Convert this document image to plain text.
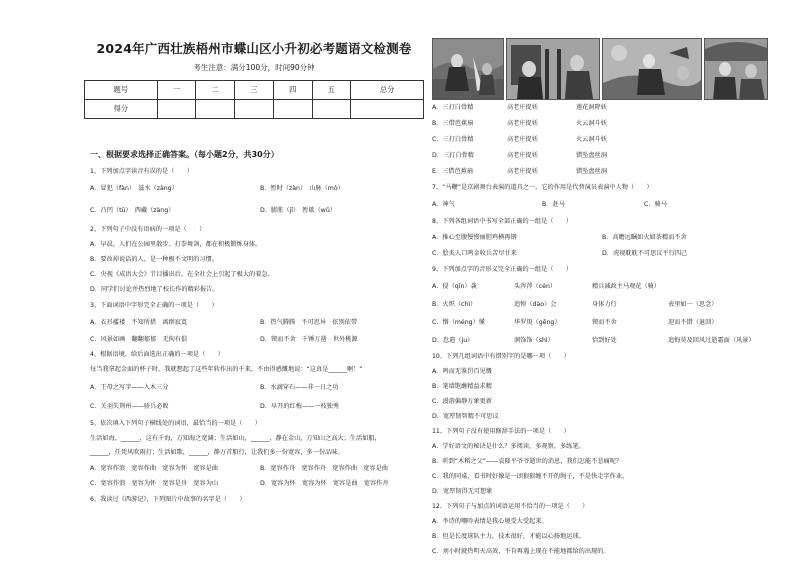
2024年广西壮族梧州市蝶山区小升初必考题语文检测卷
考生注意：满分100分，时间90分钟
题号	一	二	三	四	五	总分
得分						
一、根据要求选择正确答案。（每小题2分，共30分）
1、下列加点字读音有误的是（　　）
A．冒犯（fàn）　滋水（zàng）	B．暂时（zàn）　山脉（mò）
C．凸凹（tū）　西藏（zàng）	D．膨胀（jǐ）　暂歇（wǔ）
2、下列句子中没有语病的一项是（　　）
A．早晨，人们在公园里散步、打拳舞剑，都在积极锻炼身体。
B．要改掉说话的人，是一种极不文明的习惯。
C．央视《成语大会》节目播出后，在全社会上引起了极大的着急。
D．同学们讨论并热烈地了校长作的精彩报告。
3、下面词语中字形完全正确的一项是（　　）
A．衣衫褴褛　不知所措　离群寂寞	B．热气腾腾　不可思异　依别依带
C．风景如画　翻翻郁郁　无拘有俱	D．锲而不舍　千锤万凿　世外桃源
4、根据语境，给后面选出正确的一项是（　　）
每当我拿起金面的杯子时，我就想起了这些年转作出的千来，不由得感慨地说：“这真是______啊！”
A．王母之写字——入木三分	B．水滴穿石——非一日之功
C．关羽失荆州——骄兵必败	D．早开的红梅——一枝独秀
5、依次填入下列句子横线处的词语，最恰当的一项是（　　）
生活如海，______，这有千海，万知海之宽阔；生活如山，______，静在金山，万知山之高大；生活如船，
______，任凭风吹雨打；生活如歌，______，静万首船行，让我们多一份宽容，多一份品味。
A．宽容作浪　宽容作曲　宽容为怀　宽容是曲	B．宽容作舟　宽容作舟　宽容作曲　宽容是曲
C．宽容作浪　宽容为怀　宽容是舟　宽容为山	D．宽容为怀　宽容为怀　宽容是曲　宽容作舟
6、我读过《西游记》，下列图片中故事的名字是（　　）
A．三打白骨精	高老庄捉妖	莲花洞降妖
B．三借芭蕉扇	高老庄捉妖	火云洞斗妖
C．三打白骨精	高老庄捉妖	火云洞斗妖
D．三打白骨精	高老庄捉妖	错坠盘丝洞
E．三借芭蕉扇	高老庄捉妖	错坠盘丝洞
7、“马鞭”是京剧舞台表演的道具之一，它的作用是代替演员表演中人物（　　）
A．神气	B．赶马	C．骑马
8、下列各组词语中书写全部正确的一组是（　　）
A．推心至腹慢慢丽胆鸡横再钢	B．高瞻远瞩如火如荼精而不舍
C．脍炙人口鸣金收兵苦尽甘来	D．虎视耽耽不可思议平行四己
9、下列加点字的音形义完全正确的一组是（　　）
A．侵（qīn）袭	头涔涔（cén）	精兵减政主马观花（骑）
B．火炽（chì）	追悼（dào）会	身体力行	表里如一（思念）
C．懵（méng）懂	华罗庚（gēng）	锲而不舍	迎而不错（退回）
D．怠遣（ju）	润饰饰（shì）	恰到好处	追悔莫及回风过逝霜面（风景）
10、下列几组词语中有错别字的是哪一项（　　）
A．鸣而无鉴罚百见慨
B．笔墙饱蘸精益求精
C．漫游偏静万象更新
D．宽厚韧智精不可思议
11、下列句子没有使用修辞手法的一项是（　　）
A．学好语文的秘诀是什么？多阅读，多观察，多练笔。
B．听到“木稻之父”——袁隆平爷爷逝世的消息，我们怎能不悲痛呢？
C．我的同桌，看书时好像是一团狠狠缠不开的绳子，不是快走字作业。
D．宽厚韧得无可想象
12、下列句子与加点的词语运用不恰当的一项是（　　）
A．李诗的嘲吟表情是我心境受大受起来。
B．但是长度球队主力，技术很好，才能以心扬地运球。
C．刘小时就热明天高效，不肯再遇上现在不能地都给的出现的。
